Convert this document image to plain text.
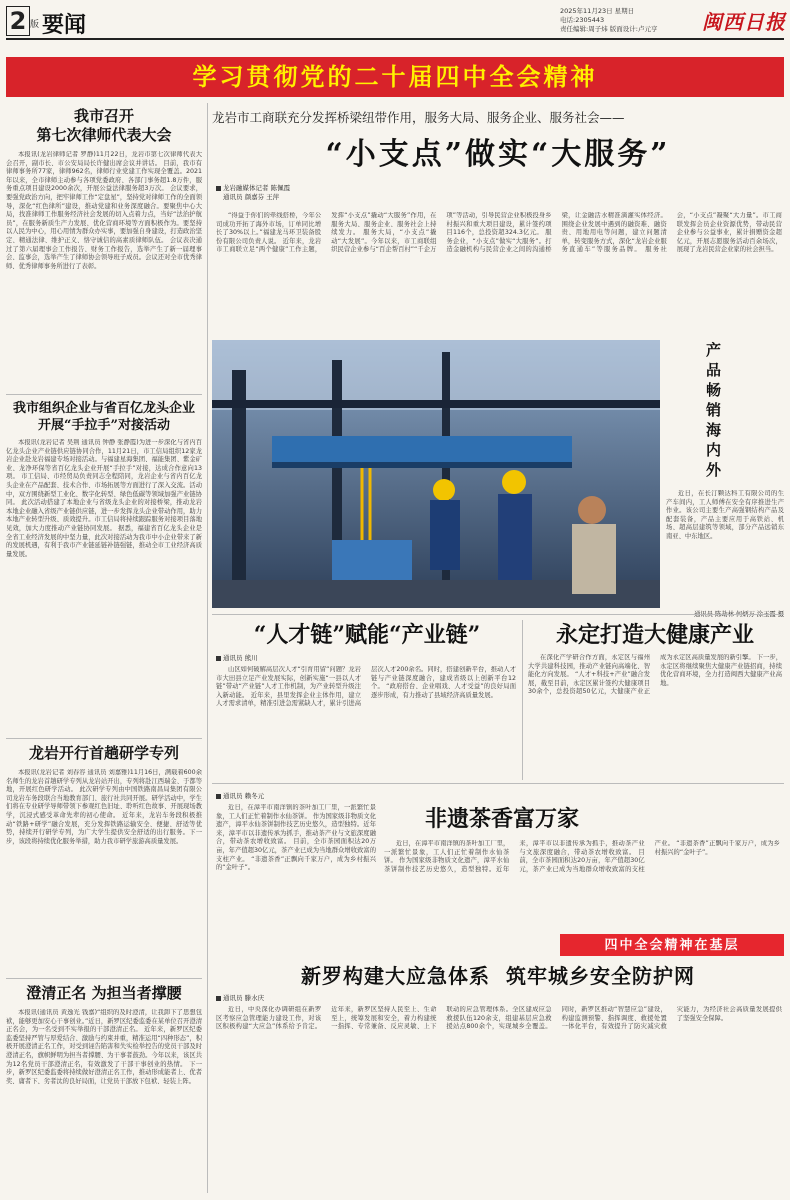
2 版 要闻
2025年11月23日 星期日
电话:2305443
责任编辑:周子炜 版面设计:卢元亨	闽西日报
学习贯彻党的二十届四中全会精神
我市召开
第七次律师代表大会
本报讯(龙岩律师记者 罗静)11月22日，龙岩市第七次律师代表大会召开，副市长、市公安局局长许健出席会议并讲话。 目前，我市有律师事务所77家，律师962名，律师行业党建工作实现全覆盖。2021年以来，全市律师主动参与各项党委政府、各部门事务超1.8万件，服务重点项目建设2000余次，开展公益法律服务超3万次。 会议要求，要强党政治方向，把牢律师工作“定盘星”，坚持党对律师工作的全面领导，深化“红色律所”建设，推动党建和业务深度融合。要聚焦中心大局，找准律师工作服务经济社会发展的切入点着力点，当好“法治护航员”，在服务新质生产力发展、优化营商环境等方面积极作为。要坚持以人民为中心，用心用情为群众办实事，要加强自身建设，打造政治坚定、精通法律、维护正义、恪守诚信的高素质律师队伍。 会议表决通过了第六届理事会工作报告、财务工作报告，选举产生了新一届理事会、监事会，选举产生了律师协会领导班子成员。会议还对全市优秀律师、优秀律师事务所进行了表彰。
我市组织企业与省百亿龙头企业
开展“手拉手”对接活动
本报讯(龙岩记者 吴荆 通讯员 钟静 张静霞)为进一步深化与省内百亿龙头企业产业链供应链协同合作，11月21日，市工信局组织12家龙岩企业赴龙岩福建专场对接活动。与福建星海集团、福能集团、紫金矿业、龙净环保等省百亿龙头企业开展“手拉手”对接，达成合作意向13项。 市工信局、市经贸局负责同志全程陪同，龙岩企业与省内百亿龙头企业在产品配套、技术合作、市场拓展等方面进行了深入交流。活动中，双方围绕新型工业化、数字化转型、绿色低碳等领域加强产业链协同。 此次活动搭建了本地企业与省级龙头企业的对接桥梁，推动龙岩本地企业融入省级产业链供应链，进一步发挥龙头企业带动作用，助力本地产业转型升级、质效提升。市工信局将持续跟踪服务对接项目落地见效，加大力度推动产业链协同发展。 据悉，福建省百亿龙头企业是全省工业经济发展的中坚力量，此次对接活动为我市中小企业带来了新的发展机遇，有利于我市产业链延链补链强链，推动全市工业经济高质量发展。
龙岩开行首趟研学专列
本报讯(龙岩记者 刘春容 通讯员 刘嘉雅)11月16日，满载着600余名师生的龙岩首趟研学专列从龙岩站开出，专列将赴江西瑞金、于都等地，开展红色研学活动。 此次研学专列由中国铁路南昌局集团有限公司龙岩车务段联合当地教育部门、旅行社共同开展。研学活动中，学生们将在专业研学导师带领下参观红色旧址、聆听红色故事、开展现场教学，沉浸式感受革命先辈的初心使命。 近年来，龙岩车务段积极推动“铁路+研学”融合发展，充分发挥铁路运输安全、便捷、舒适等优势，持续开行研学专列，为广大学生提供安全舒适的出行服务。下一步，该段将持续优化服务举措，助力我市研学旅游高质量发展。
澄清正名 为担当者撑腰
本报讯(通讯员 黄逸光 钱嘉)“组织的及时澄清，让我卸下了思想包袱，能够更加安心干事创业。”近日，新罗区纪委监委在某单位召开澄清正名会，为一名受到不实举报的干部澄清正名。 近年来，新罗区纪委监委坚持严管与厚爱结合、激励与约束并重，精准运用“四种形态”，积极开展澄清正名工作，对受到诬告陷害和失实检举控告的党员干部及时澄清正名，旗帜鲜明为担当者撑腰、为干事者鼓劲。今年以来，该区共为12名党员干部澄清正名，有效激发了干部干事创业的热情。 下一步，新罗区纪委监委将持续做好澄清正名工作，推动形成能者上、优者奖、庸者下、劣者汰的良好局面，让党员干部放下包袱、轻装上阵。
龙岩市工商联充分发挥桥梁纽带作用，服务大局、服务企业、服务社会——
“小支点”做实“大服务”
龙岩融媒体记者 陈佩霞
通讯员 颜嘉芬 王萍
“得益于你们的牵线搭桥，今年公司成功开拓了海外市场，订单同比增长了30%以上。”福建龙马环卫装备股份有限公司负责人说。 近年来，龙岩市工商联立足“两个健康”工作主题，发挥“小支点”撬动“大服务”作用，在服务大局、服务企业、服务社会上持续发力。 服务大局，“小支点”撬动“大发展”。今年以来，市工商联组织民营企业参与“百企帮百村”“千企万项”等活动，引导民营企业积极投身乡村振兴和重大项目建设，累计签约项目116个，总投资超324.3亿元。 服务企业，“小支点”做实“大服务”。打造金融机构与民营企业之间的沟通桥梁，让金融活水精准滴灌实体经济。围绕企业发展中遇到的融资难、融资贵、用地用电等问题，建立问题清单，转变服务方式，深化“龙岩企业服务直通车”等服务品牌。 服务社会，“小支点”凝聚“大力量”。市工商联发挥会员企业资源优势，带动民营企业参与公益事业，累计捐赠资金超亿元，开展志愿服务活动百余场次，展现了龙岩民营企业家的社会担当。
产品畅销海内外
近日，在长汀颗达科工有限公司的生产车间内，工人师傅在安全有序推进生产作业。该公司主要生产高强钢结构产品及配套装备，产品主要应用于高铁站、机场、超高层建筑等领域，部分产品远销东南亚、中东地区。
“人才链”赋能“产业链”
通讯员 熊川
山区如何破解高层次人才“引育用留”问题？龙岩市大田县立足产业发展实际，创新实施“一县以人才链”带动“产业链”人才工作机制，为产业转型升级注入新动能。 近年来，县里发挥企业主体作用，建立人才需求清单，精准引进急需紧缺人才，累计引进高层次人才200余名。同时，搭建创新平台，推动人才链与产业链深度融合，建成省级以上创新平台12个。 “政府搭台、企业唱戏、人才受益”的良好局面逐步形成，有力推动了县域经济高质量发展。
永定打造大健康产业
在深化产学研合作方面，永定区与福州大学共建科技园，推动产业链向高端化、智能化方向发展。 “人才+科技+产业”融合发展，截至目前，永定区累计签约大健康项目30余个，总投资超50亿元，大健康产业正成为永定区高质量发展的新引擎。 下一步，永定区将继续聚焦大健康产业链招商，持续优化营商环境，全力打造闽西大健康产业高地。
通讯员 赖冬元
非遗茶香富万家
近日，在漳平市南洋镇的茶叶加工厂里，一派繁忙景象，工人们正忙着制作水仙茶饼。 作为国家级非物质文化遗产，漳平水仙茶饼制作技艺历史悠久，造型独特。近年来，漳平市以非遗传承为抓手，推动茶产业与文旅深度融合，带动茶农增收致富。 目前，全市茶园面积达20万亩，年产值超30亿元，茶产业已成为当地群众增收致富的支柱产业。 “非遗茶香”正飘向千家万户，成为乡村振兴的“金叶子”。
近日，在漳平市南洋镇的茶叶加工厂里，一派繁忙景象，工人们正忙着制作水仙茶饼。 作为国家级非物质文化遗产，漳平水仙茶饼制作技艺历史悠久，造型独特。近年来，漳平市以非遗传承为抓手，推动茶产业与文旅深度融合，带动茶农增收致富。 目前，全市茶园面积达20万亩，年产值超30亿元，茶产业已成为当地群众增收致富的支柱产业。 “非遗茶香”正飘向千家万户，成为乡村振兴的“金叶子”。
四中全会精神在基层
新罗构建大应急体系  筑牢城乡安全防护网
通讯员 滕水庆
近日，中央深化办调研组在新罗区考察应急管理能力建设工作，对该区积极构建“大应急”体系给予肯定。 近年来，新罗区坚持人民至上、生命至上，统筹发展和安全，着力构建统一指挥、专常兼备、反应灵敏、上下联动的应急管理体系。全区建成应急救援队伍120余支，组建基层应急救援站点800余个，实现城乡全覆盖。 同时，新罗区推动“智慧应急”建设，构建监测预警、指挥调度、救援处置一体化平台，有效提升了防灾减灾救灾能力，为经济社会高质量发展提供了坚强安全保障。
